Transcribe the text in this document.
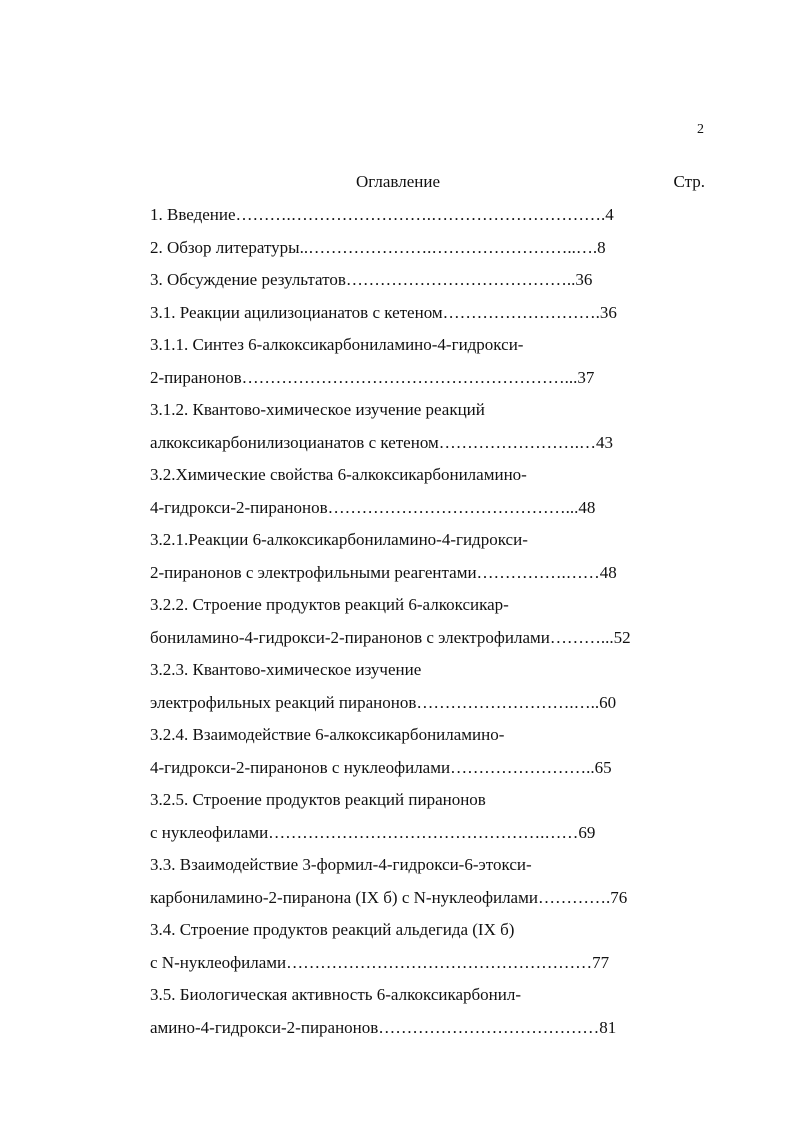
2
Оглавление	Стр.
1. Введение……….…………………….………………………….4
2. Обзор литературы..………………….……………………..….8
3. Обсуждение результатов…………………………………..36
3.1. Реакции ацилизоцианатов с кетеном……………………….36
3.1.1. Синтез 6-алкоксикарбониламино-4-гидрокси-
2-пиранонов…………………………………………………...37
3.1.2. Квантово-химическое изучение реакций
алкоксикарбонилизоцианатов с кетеном…………………….…43
3.2.Химические свойства 6-алкоксикарбониламино-
4-гидрокси-2-пиранонов……………………………………...48
3.2.1.Реакции 6-алкоксикарбониламино-4-гидрокси-
2-пиранонов с электрофильными реагентами…………….……48
3.2.2. Строение продуктов реакций 6-алкоксикар-
бониламино-4-гидрокси-2-пиранонов с электрофилами………...52
3.2.3. Квантово-химическое изучение
электрофильных реакций пиранонов……………………….…..60
3.2.4. Взаимодействие 6-алкоксикарбониламино-
4-гидрокси-2-пиранонов с нуклеофилами……………………..65
3.2.5. Строение продуктов реакций пиранонов
с нуклеофилами………………………………………….……69
3.3. Взаимодействие 3-формил-4-гидрокси-6-этокси-
карбониламино-2-пиранона (IX б) с N-нуклеофилами………….76
3.4. Строение продуктов реакций альдегида (IX б)
с N-нуклеофилами………………………………………………77
3.5. Биологическая активность 6-алкоксикарбонил-
амино-4-гидрокси-2-пиранонов…………………………………81
